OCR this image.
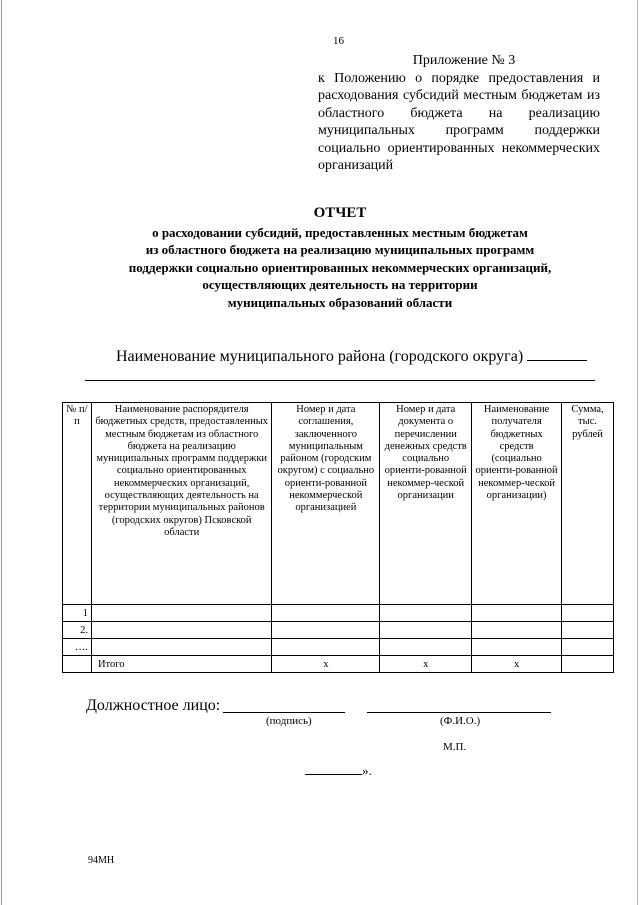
16
Приложение № 3
к Положению о порядке предоставления и расходования субсидий местным бюджетам из областного бюджета на реализацию муниципальных программ поддержки социально ориентированных некоммерческих организаций
ОТЧЕТ
о расходовании субсидий, предоставленных местным бюджетам
из областного бюджета на реализацию муниципальных программ
поддержки социально ориентированных некоммерческих организаций,
осуществляющих деятельность на территории
муниципальных образований области
Наименование муниципального района (городского округа)
№ п/п	Наименование распорядителя бюджетных средств, предоставленных местным бюджетам из областного бюджета на реализацию муниципальных программ поддержки социально ориентированных некоммерческих организаций, осуществляющих деятельность на территории муниципальных районов (городских округов) Псковской области	Номер и дата соглашения, заключенного муниципальным районом (городским округом) с социально ориенти-рованной некоммерческой организацией	Номер и дата документа о перечислении денежных средств социально ориенти-рованной некоммер-ческой организации	Наименование получателя бюджетных средств (социально ориенти-рованной некоммер-ческой организации)	Сумма, тыс. рублей
1					
2.					
….					
	Итого	x	x	x	
Должностное лицо:
(подпись)	(Ф.И.О.)
М.П.
».
94МН
